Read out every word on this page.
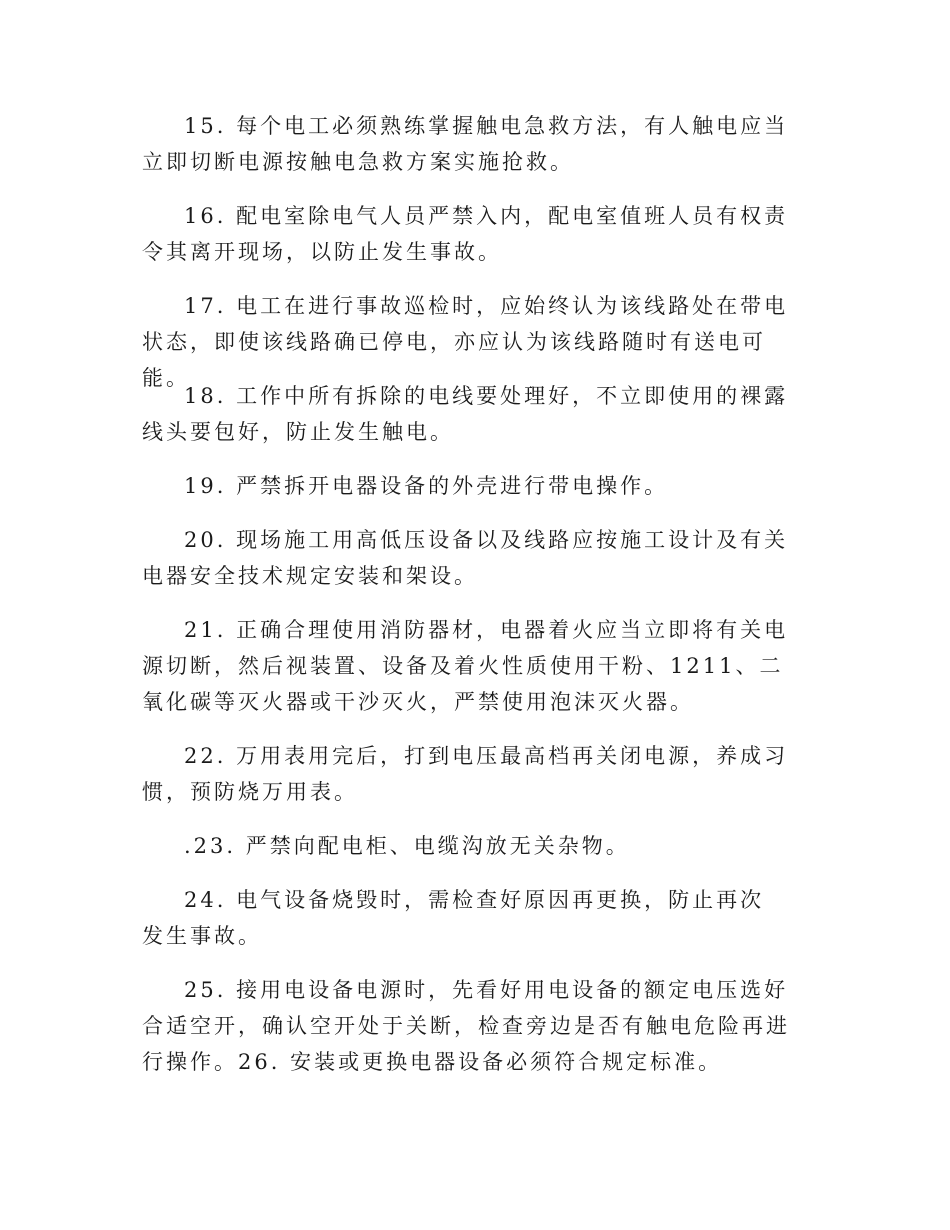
15. 每个电工必须熟练掌握触电急救方法，有人触电应当立即切断电源按触电急救方案实施抢救。

16. 配电室除电气人员严禁入内，配电室值班人员有权责令其离开现场，以防止发生事故。

17. 电工在进行事故巡检时，应始终认为该线路处在带电状态，即使该线路确已停电，亦应认为该线路随时有送电可能。

18. 工作中所有拆除的电线要处理好，不立即使用的裸露线头要包好，防止发生触电。

19. 严禁拆开电器设备的外壳进行带电操作。

20. 现场施工用高低压设备以及线路应按施工设计及有关电器安全技术规定安装和架设。

21. 正确合理使用消防器材，电器着火应当立即将有关电源切断，然后视装置、设备及着火性质使用干粉、1211、二氧化碳等灭火器或干沙灭火，严禁使用泡沫灭火器。

22. 万用表用完后，打到电压最高档再关闭电源，养成习惯，预防烧万用表。

.23. 严禁向配电柜、电缆沟放无关杂物。

24. 电气设备烧毁时，需检查好原因再更换，防止再次发生事故。

25. 接用电设备电源时，先看好用电设备的额定电压选好合适空开，确认空开处于关断，检查旁边是否有触电危险再进行操作。26. 安装或更换电器设备必须符合规定标准。
